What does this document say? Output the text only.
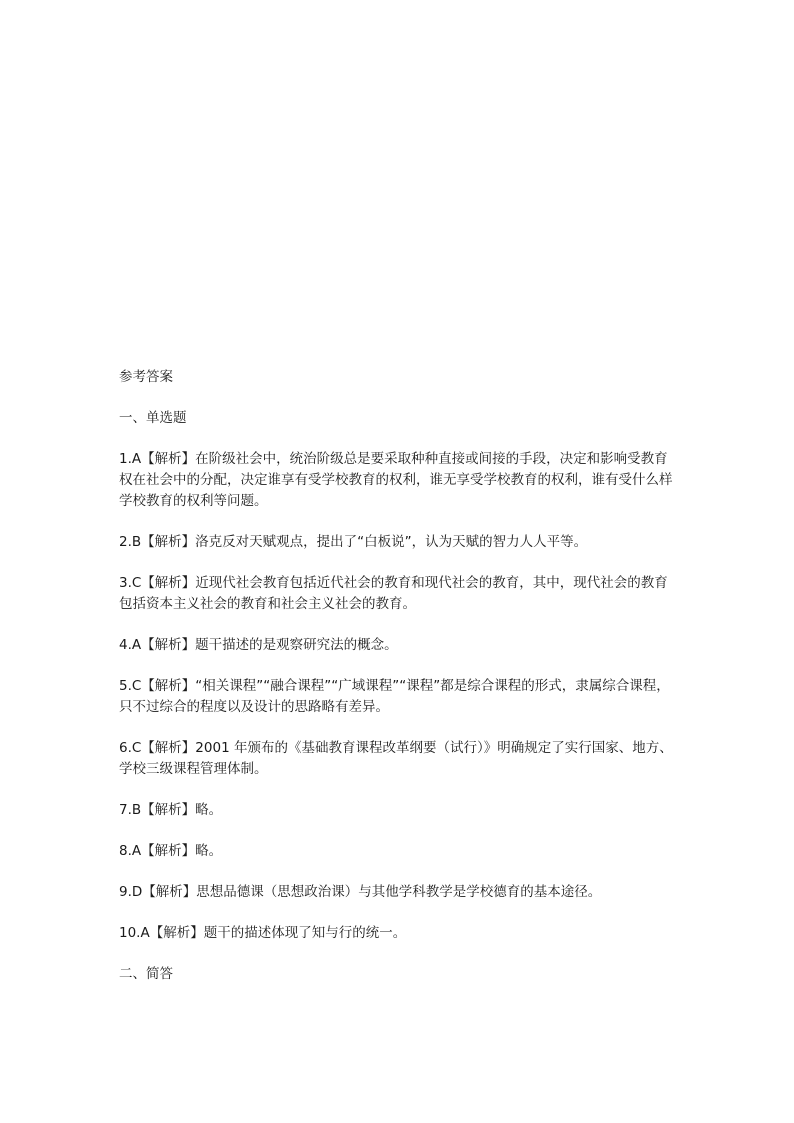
参考答案

一、单选题

1.A【解析】在阶级社会中，统治阶级总是要采取种种直接或间接的手段，决定和影响受教育权在社会中的分配，决定谁享有受学校教育的权利，谁无享受学校教育的权利，谁有受什么样学校教育的权利等问题。

2.B【解析】洛克反对天赋观点，提出了“白板说”，认为天赋的智力人人平等。

3.C【解析】近现代社会教育包括近代社会的教育和现代社会的教育，其中，现代社会的教育包括资本主义社会的教育和社会主义社会的教育。

4.A【解析】题干描述的是观察研究法的概念。

5.C【解析】“相关课程”“融合课程”“广域课程”“课程”都是综合课程的形式，隶属综合课程，只不过综合的程度以及设计的思路略有差异。

6.C【解析】2001 年颁布的《基础教育课程改革纲要（试行）》明确规定了实行国家、地方、学校三级课程管理体制。

7.B【解析】略。

8.A【解析】略。

9.D【解析】思想品德课（思想政治课）与其他学科教学是学校德育的基本途径。

10.A【解析】题干的描述体现了知与行的统一。

二、简答
